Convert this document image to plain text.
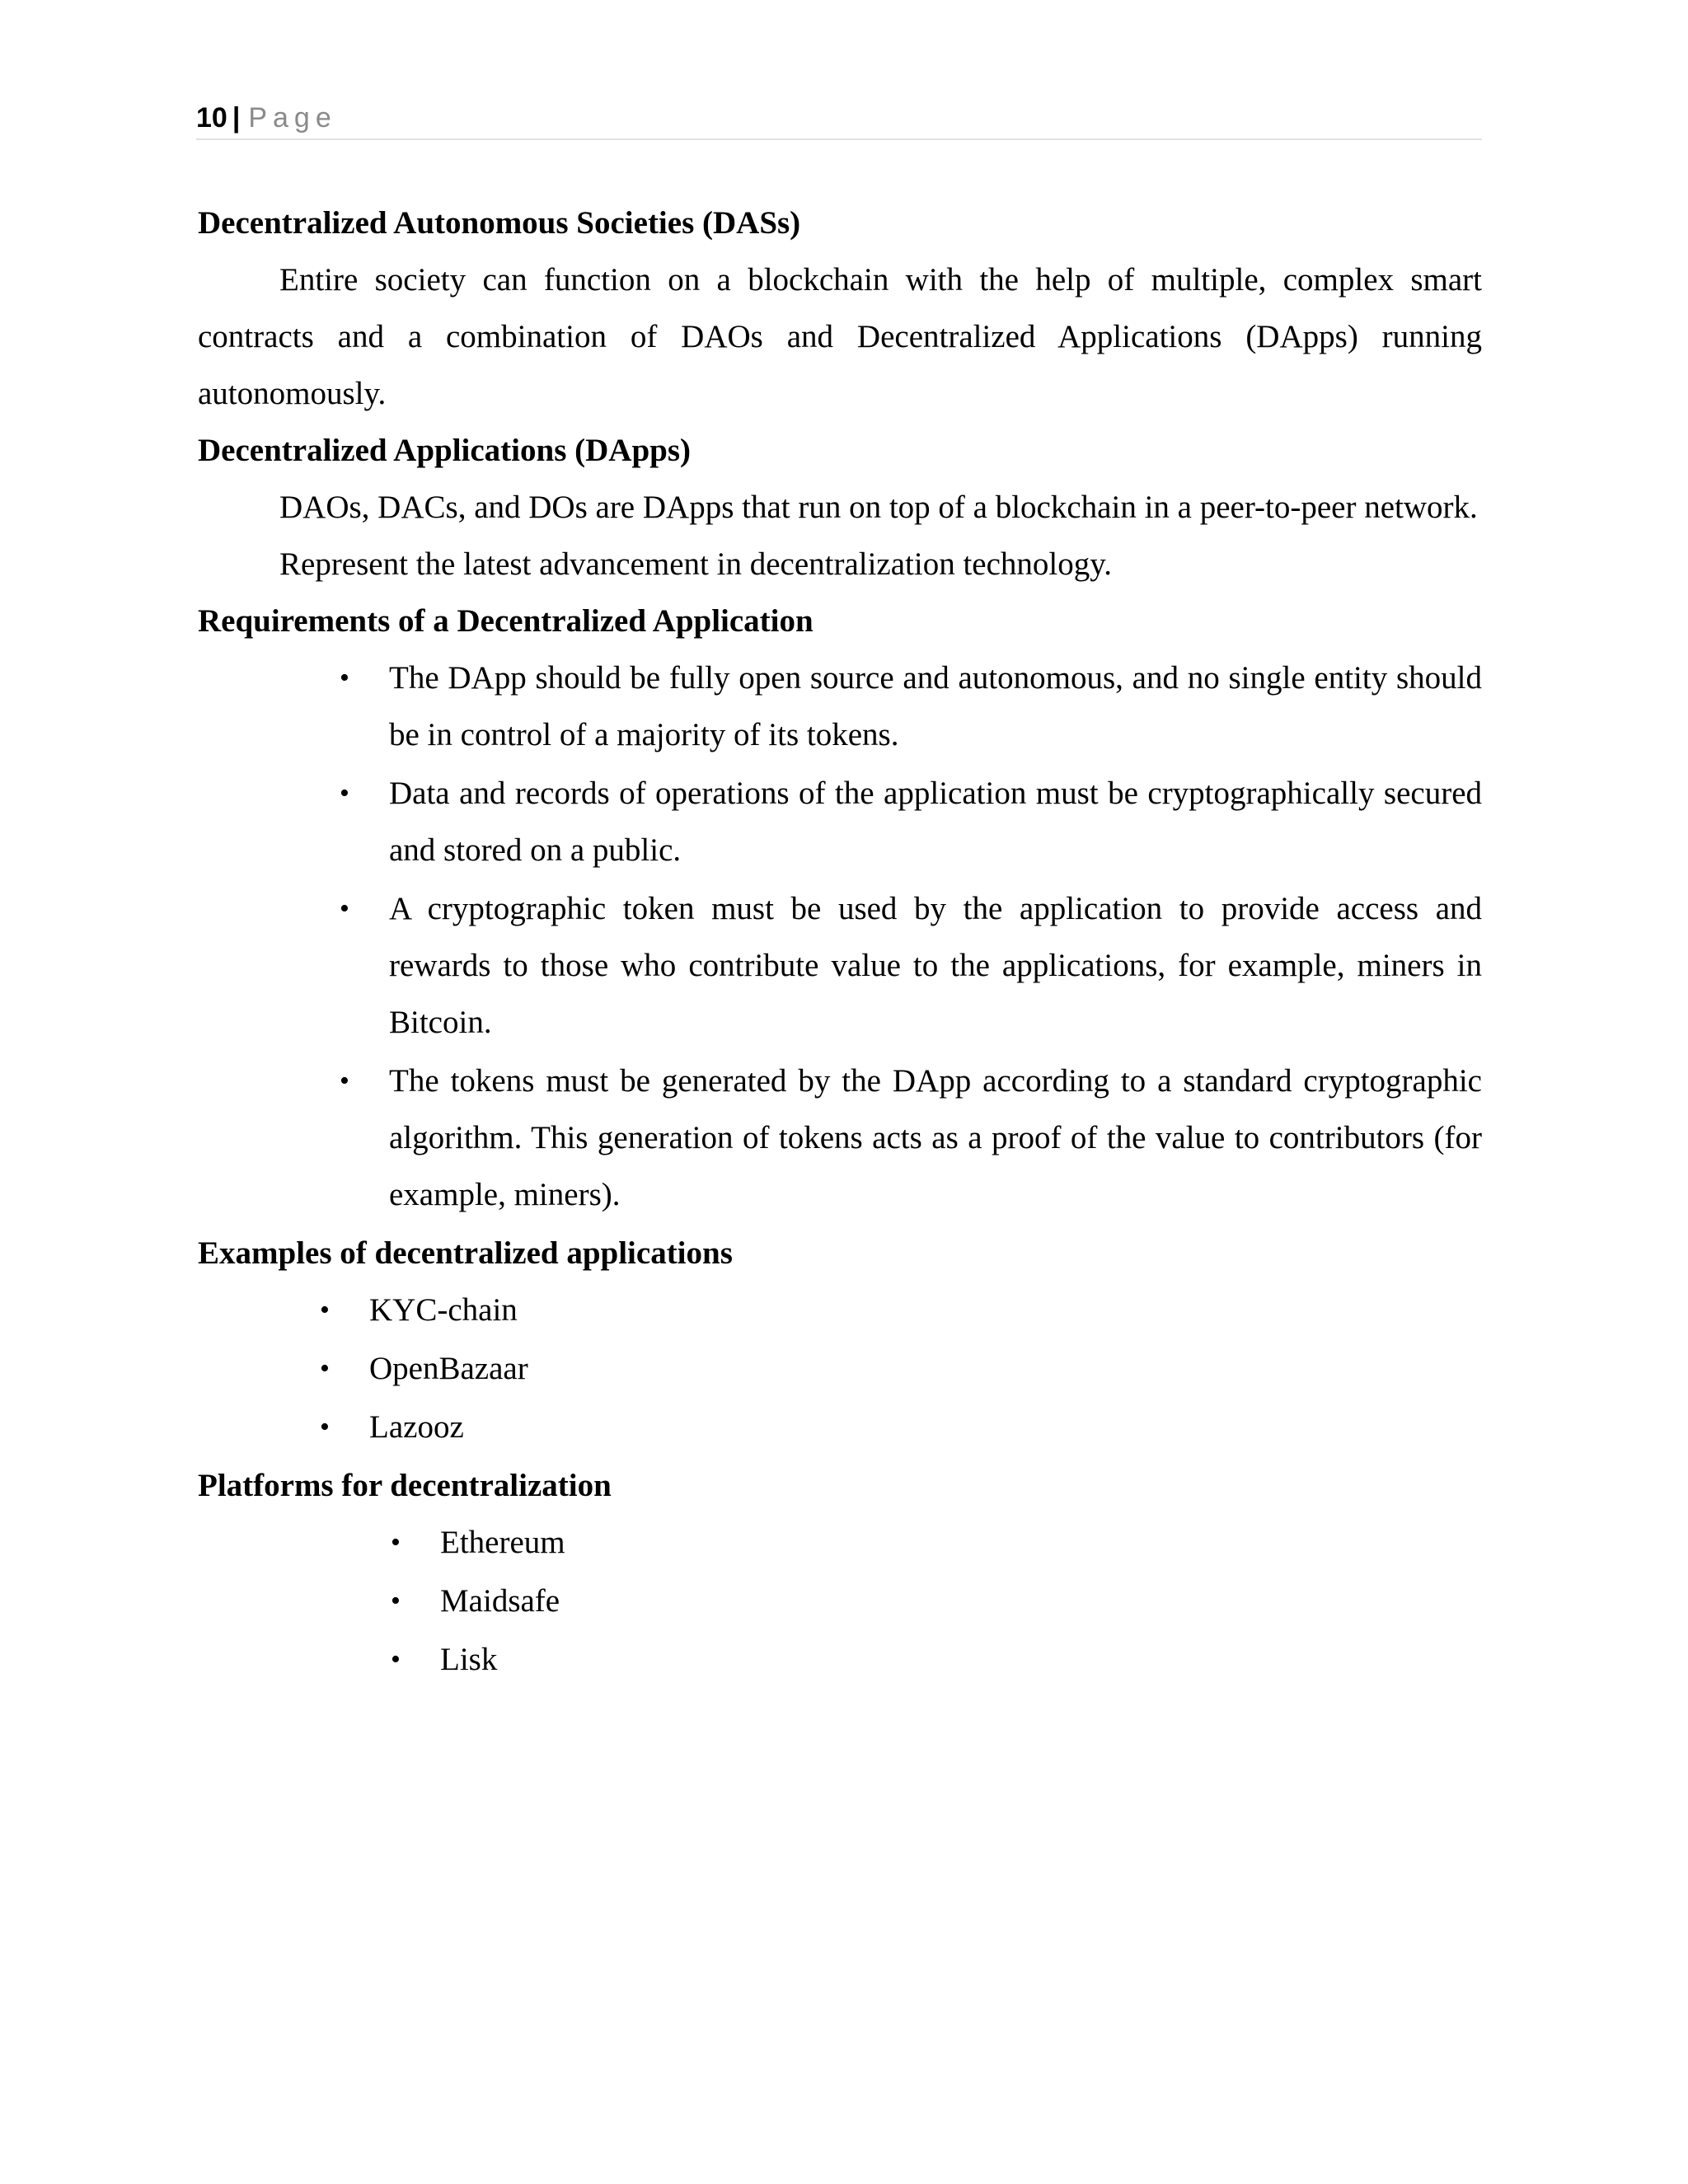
10 | Page
Decentralized Autonomous Societies (DASs)

Entire society can function on a blockchain with the help of multiple, complex smart contracts and a combination of DAOs and Decentralized Applications (DApps) running autonomously.

Decentralized Applications (DApps)

DAOs, DACs, and DOs are DApps that run on top of a blockchain in a peer-to-peer network.

Represent the latest advancement in decentralization technology.

Requirements of a Decentralized Application
• The DApp should be fully open source and autonomous, and no single entity should be in control of a majority of its tokens.
• Data and records of operations of the application must be cryptographically secured and stored on a public.
• A cryptographic token must be used by the application to provide access and rewards to those who contribute value to the applications, for example, miners in Bitcoin.
• The tokens must be generated by the DApp according to a standard cryptographic algorithm. This generation of tokens acts as a proof of the value to contributors (for example, miners).
Examples of decentralized applications
• KYC-chain
• OpenBazaar
• Lazooz
Platforms for decentralization
• Ethereum
• Maidsafe
• Lisk
